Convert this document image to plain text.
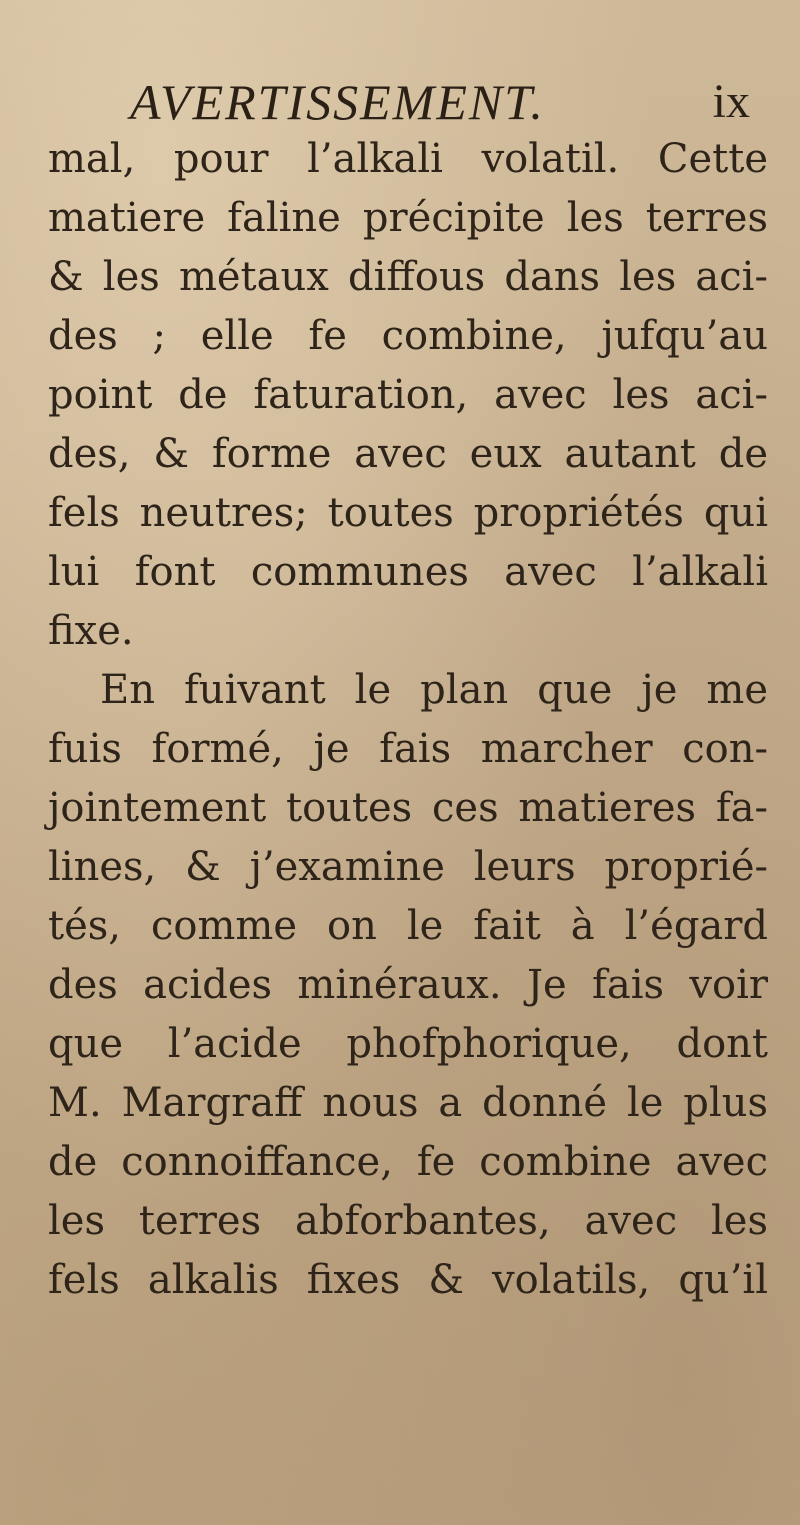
AVERTISSEMENT.	ix
mal, pour l’alkali volatil. Cette
matiere faline précipite les terres
& les métaux diffous dans les aci-
des ; elle fe combine, jufqu’au
point de faturation, avec les aci-
des, & forme avec eux autant de
fels neutres; toutes propriétés qui
lui font communes avec l’alkali
fixe.
En fuivant le plan que je me
fuis formé, je fais marcher con-
jointement toutes ces matieres fa-
lines, & j’examine leurs proprié-
tés, comme on le fait à l’égard
des acides minéraux. Je fais voir
que l’acide phofphorique, dont
M. Margraff nous a donné le plus
de connoiffance, fe combine avec
les terres abforbantes, avec les
fels alkalis fixes & volatils, qu’il
